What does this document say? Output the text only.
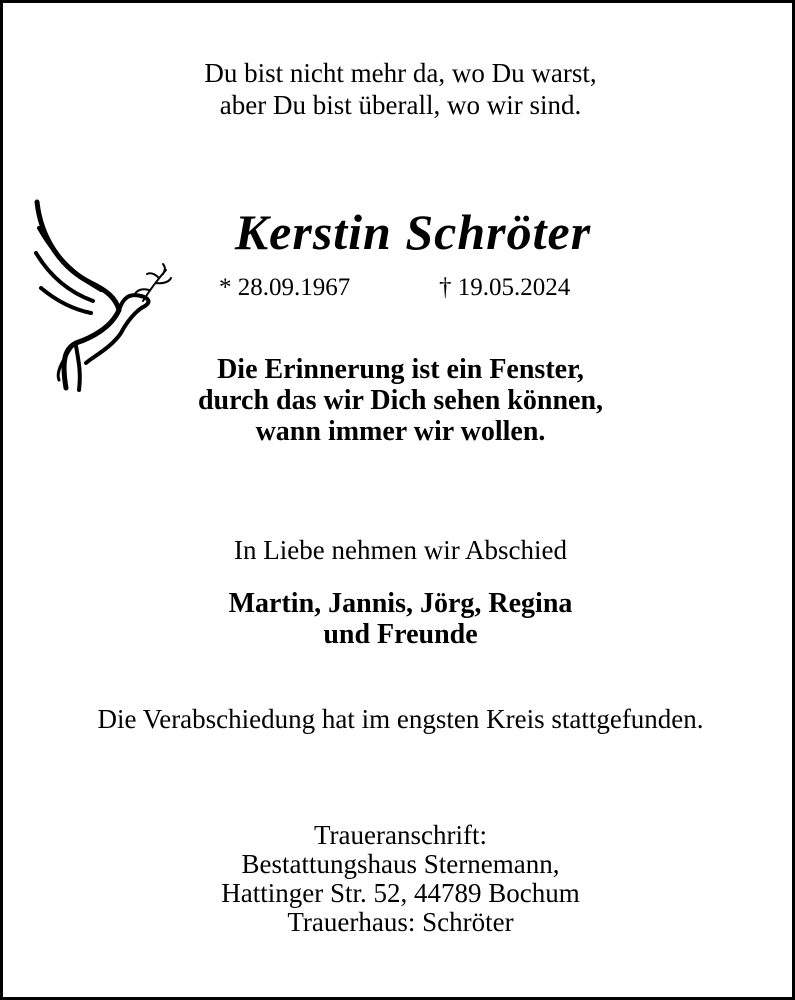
Du bist nicht mehr da, wo Du warst,
aber Du bist überall, wo wir sind.
Kerstin Schröter
* 28.09.1967	† 19.05.2024
Die Erinnerung ist ein Fenster,
durch das wir Dich sehen können,
wann immer wir wollen.
In Liebe nehmen wir Abschied
Martin, Jannis, Jörg, Regina
und Freunde
Die Verabschiedung hat im engsten Kreis stattgefunden.
Traueranschrift:
Bestattungshaus Sternemann,
Hattinger Str. 52, 44789 Bochum
Trauerhaus: Schröter
